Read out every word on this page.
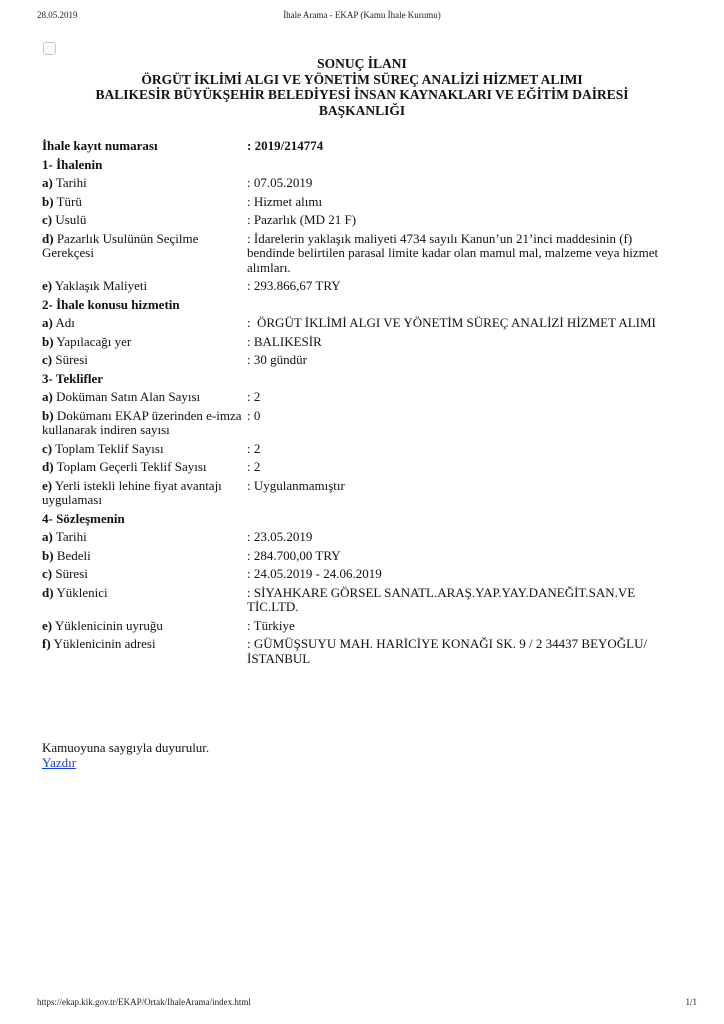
28.05.2019	İhale Arama - EKAP (Kamu İhale Kurumu)
SONUÇ İLANI
ÖRGÜT İKLİMİ ALGI VE YÖNETİM SÜREÇ ANALİZİ HİZMET ALIMI
BALIKESİR BÜYÜKŞEHİR BELEDİYESİ İNSAN KAYNAKLARI VE EĞİTİM DAİRESİ
BAŞKANLIĞI
İhale kayıt numarası	: 2019/214774	
1- İhalenin		
a) Tarihi	: 07.05.2019	
b) Türü	: Hizmet alımı	
c) Usulü	: Pazarlık (MD 21 F)	
d) Pazarlık Usulünün Seçilme Gerekçesi	: İdarelerin yaklaşık maliyeti 4734 sayılı Kanun’un 21’inci maddesinin (f) bendinde belirtilen parasal limite kadar olan mamul mal, malzeme veya hizmet alımları.	
e) Yaklaşık Maliyeti	: 293.866,67 TRY	
2- İhale konusu hizmetin		
a) Adı	:	ÖRGÜT İKLİMİ ALGI VE YÖNETİM SÜREÇ ANALİZİ HİZMET ALIMI
b) Yapılacağı yer	: BALIKESİR	
c) Süresi	: 30 gündür	
3- Teklifler		
a) Doküman Satın Alan Sayısı	: 2	
b) Dokümanı EKAP üzerinden e-imza kullanarak indiren sayısı	: 0	
c) Toplam Teklif Sayısı	: 2	
d) Toplam Geçerli Teklif Sayısı	: 2	
e) Yerli istekli lehine fiyat avantajı uygulaması	: Uygulanmamıştır	
4- Sözleşmenin		
a) Tarihi	: 23.05.2019	
b) Bedeli	: 284.700,00 TRY	
c) Süresi	: 24.05.2019 - 24.06.2019	
d) Yüklenici	: SİYAHKARE GÖRSEL SANATL.ARAŞ.YAP.YAY.DANEĞİT.SAN.VE TİC.LTD.	
e) Yüklenicinin uyruğu	: Türkiye	
f) Yüklenicinin adresi	: GÜMÜŞSUYU MAH. HARİCİYE KONAĞI SK. 9 / 2 34437 BEYOĞLU/İSTANBUL	
Kamuoyuna saygıyla duyurulur.
Yazdır
https://ekap.kik.gov.tr/EKAP/Ortak/IhaleArama/index.html	1/1
